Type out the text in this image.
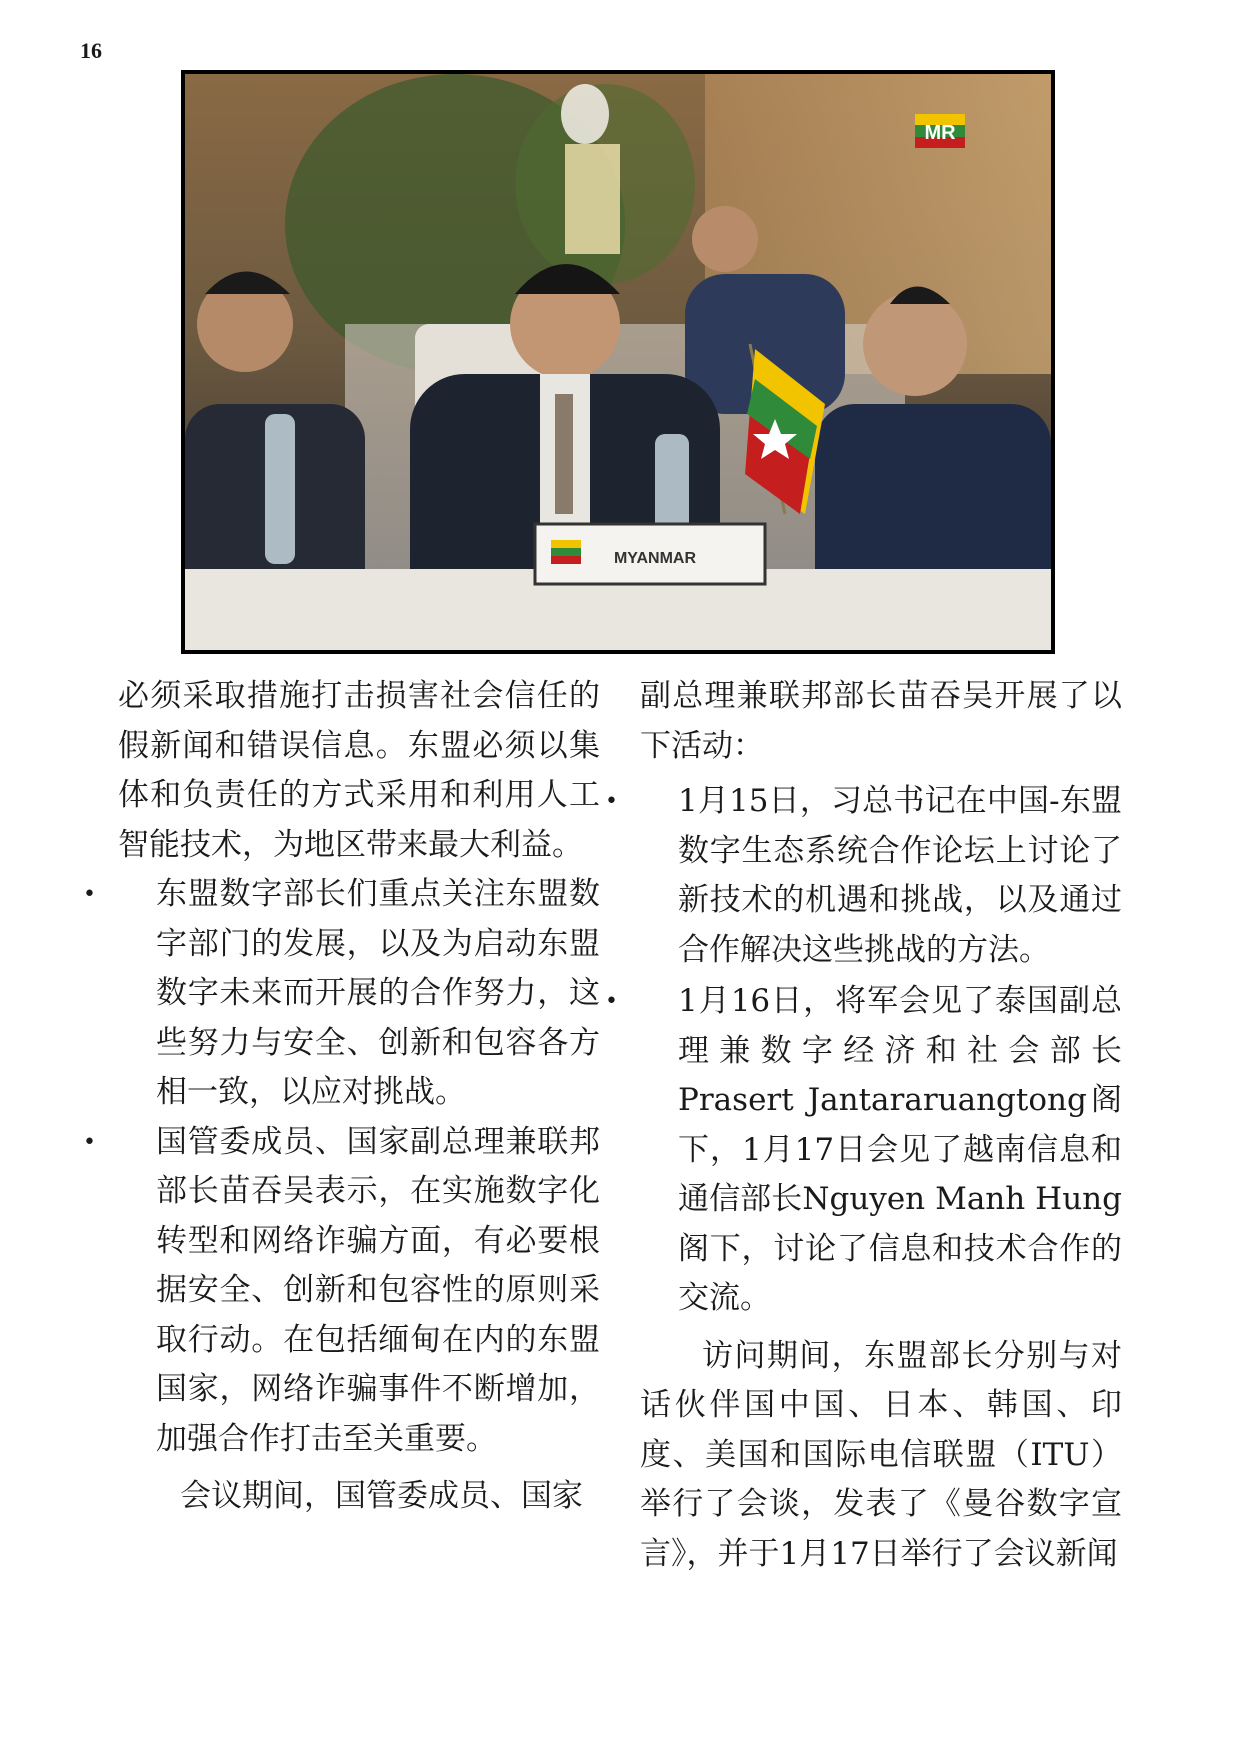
16
MYANMAR
MR

必须采取措施打击损害社会信任的假新闻和错误信息。东盟必须以集体和负责任的方式采用和利用人工智能技术，为地区带来最大利益。

• 东盟数字部长们重点关注东盟数字部门的发展，以及为启动东盟数字未来而开展的合作努力，这些努力与安全、创新和包容各方相一致，以应对挑战。
• 国管委成员、国家副总理兼联邦部长苗吞吴表示，在实施数字化转型和网络诈骗方面，有必要根据安全、创新和包容性的原则采取行动。在包括缅甸在内的东盟国家，网络诈骗事件不断增加，加强合作打击至关重要。

会议期间，国管委成员、国家

副总理兼联邦部长苗吞吴开展了以下活动：

• 1月15日，习总书记在中国-东盟数字生态系统合作论坛上讨论了新技术的机遇和挑战，以及通过合作解决这些挑战的方法。
• 1月16日，将军会见了泰国副总理兼数字经济和社会部长Prasert Jantararuangtong阁下，1月17日会见了越南信息和通信部长Nguyen Manh Hung阁下，讨论了信息和技术合作的交流。

访问期间，东盟部长分别与对话伙伴国中国、日本、韩国、印度、美国和国际电信联盟（ITU）举行了会谈，发表了《曼谷数字宣言》，并于1月17日举行了会议新闻
